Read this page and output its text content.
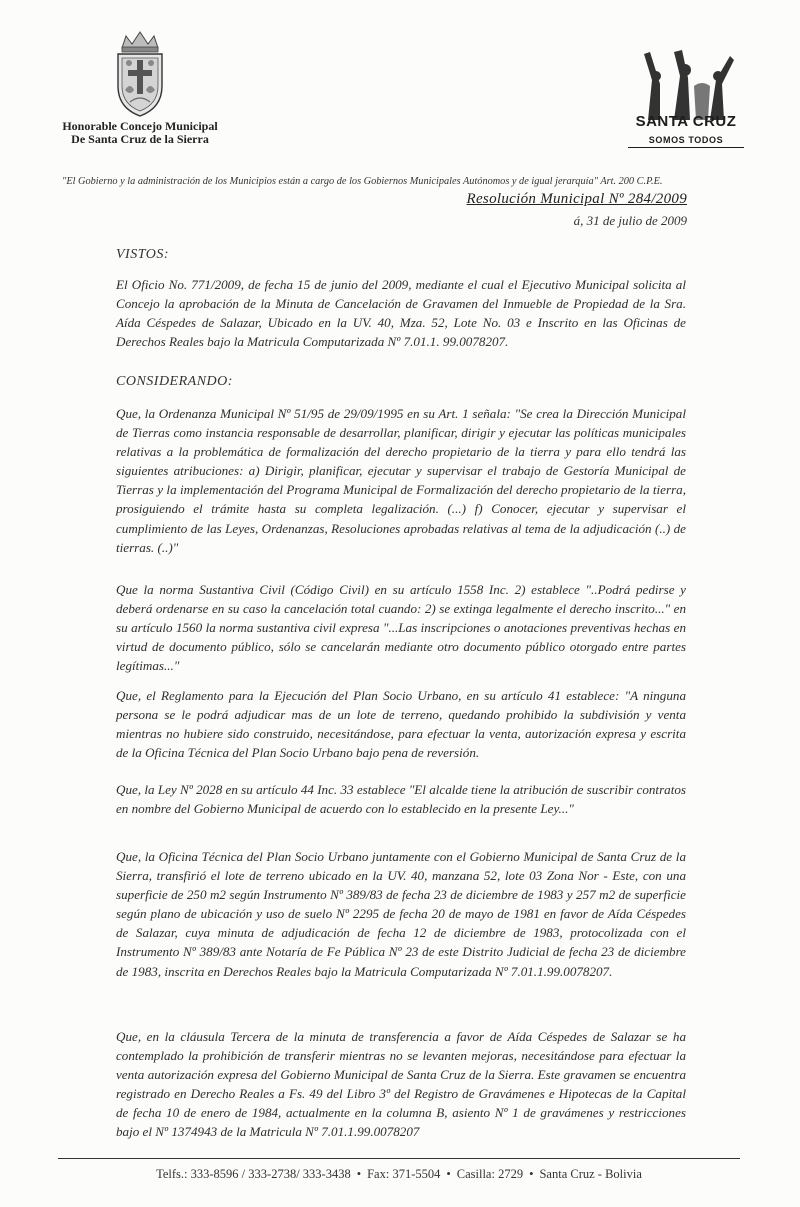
Honorable Concejo Municipal
De Santa Cruz de la Sierra
SANTA CRUZ
SOMOS TODOS
"El Gobierno y la administración de los Municipios están a cargo de los Gobiernos Municipales Autónomos y de igual jerarquía" Art. 200 C.P.E.
Resolución Municipal Nº 284/2009
á, 31 de julio de 2009
VISTOS:
El Oficio No. 771/2009, de fecha 15 de junio del 2009, mediante el cual el Ejecutivo Municipal solicita al Concejo la aprobación de la Minuta de Cancelación de Gravamen del Inmueble de Propiedad de la Sra. Aída Céspedes de Salazar, Ubicado en la UV. 40, Mza. 52, Lote No. 03 e Inscrito en las Oficinas de Derechos Reales bajo la Matricula Computarizada Nº 7.01.1. 99.0078207.
CONSIDERANDO:
Que, la Ordenanza Municipal Nº 51/95 de 29/09/1995 en su Art. 1 señala: "Se crea la Dirección Municipal de Tierras como instancia responsable de desarrollar, planificar, dirigir y ejecutar las políticas municipales relativas a la problemática de formalización del derecho propietario de la tierra y para ello tendrá las siguientes atribuciones: a) Dirigir, planificar, ejecutar y supervisar el trabajo de Gestoría Municipal de Tierras y la implementación del Programa Municipal de Formalización del derecho propietario de la tierra, prosiguiendo el trámite hasta su completa legalización. (...) f) Conocer, ejecutar y supervisar el cumplimiento de las Leyes, Ordenanzas, Resoluciones aprobadas relativas al tema de la adjudicación (..) de tierras. (..)"
Que la norma Sustantiva Civil (Código Civil) en su artículo 1558 Inc. 2) establece "..Podrá pedirse y deberá ordenarse en su caso la cancelación total cuando: 2) se extinga legalmente el derecho inscrito..." en su artículo 1560 la norma sustantiva civil expresa "...Las inscripciones o anotaciones preventivas hechas en virtud de documento público, sólo se cancelarán mediante otro documento público otorgado entre partes legítimas..."
Que, el Reglamento para la Ejecución del Plan Socio Urbano, en su artículo 41 establece: "A ninguna persona se le podrá adjudicar mas de un lote de terreno, quedando prohibido la subdivisión y venta mientras no hubiere sido construido, necesitándose, para efectuar la venta, autorización expresa y escrita de la Oficina Técnica del Plan Socio Urbano bajo pena de reversión.
Que, la Ley Nº 2028 en su artículo 44 Inc. 33 establece "El alcalde tiene la atribución de suscribir contratos en nombre del Gobierno Municipal de acuerdo con lo establecido en la presente Ley..."
Que, la Oficina Técnica del Plan Socio Urbano juntamente con el Gobierno Municipal de Santa Cruz de la Sierra, transfirió el lote de terreno ubicado en la UV. 40, manzana 52, lote 03 Zona Nor - Este, con una superficie de 250 m2 según Instrumento Nº 389/83 de fecha 23 de diciembre de 1983 y 257 m2 de superficie según plano de ubicación y uso de suelo Nº 2295 de fecha 20 de mayo de 1981 en favor de Aída Céspedes de Salazar, cuya minuta de adjudicación de fecha 12 de diciembre de 1983, protocolizada con el Instrumento Nº 389/83 ante Notaría de Fe Pública Nº 23 de este Distrito Judicial de fecha 23 de diciembre de 1983, inscrita en Derechos Reales bajo la Matricula Computarizada Nº 7.01.1.99.0078207.
Que, en la cláusula Tercera de la minuta de transferencia a favor de Aída Céspedes de Salazar se ha contemplado la prohibición de transferir mientras no se levanten mejoras, necesitándose para efectuar la venta autorización expresa del Gobierno Municipal de Santa Cruz de la Sierra. Este gravamen se encuentra registrado en Derecho Reales a Fs. 49 del Libro 3º del Registro de Gravámenes e Hipotecas de la Capital de fecha 10 de enero de 1984, actualmente en la columna B, asiento Nº 1 de gravámenes y restricciones bajo el Nº 1374943 de la Matricula Nº 7.01.1.99.0078207
Telfs.: 333-8596 / 333-2738/ 333-3438 • Fax: 371-5504 • Casilla: 2729 • Santa Cruz - Bolivia
